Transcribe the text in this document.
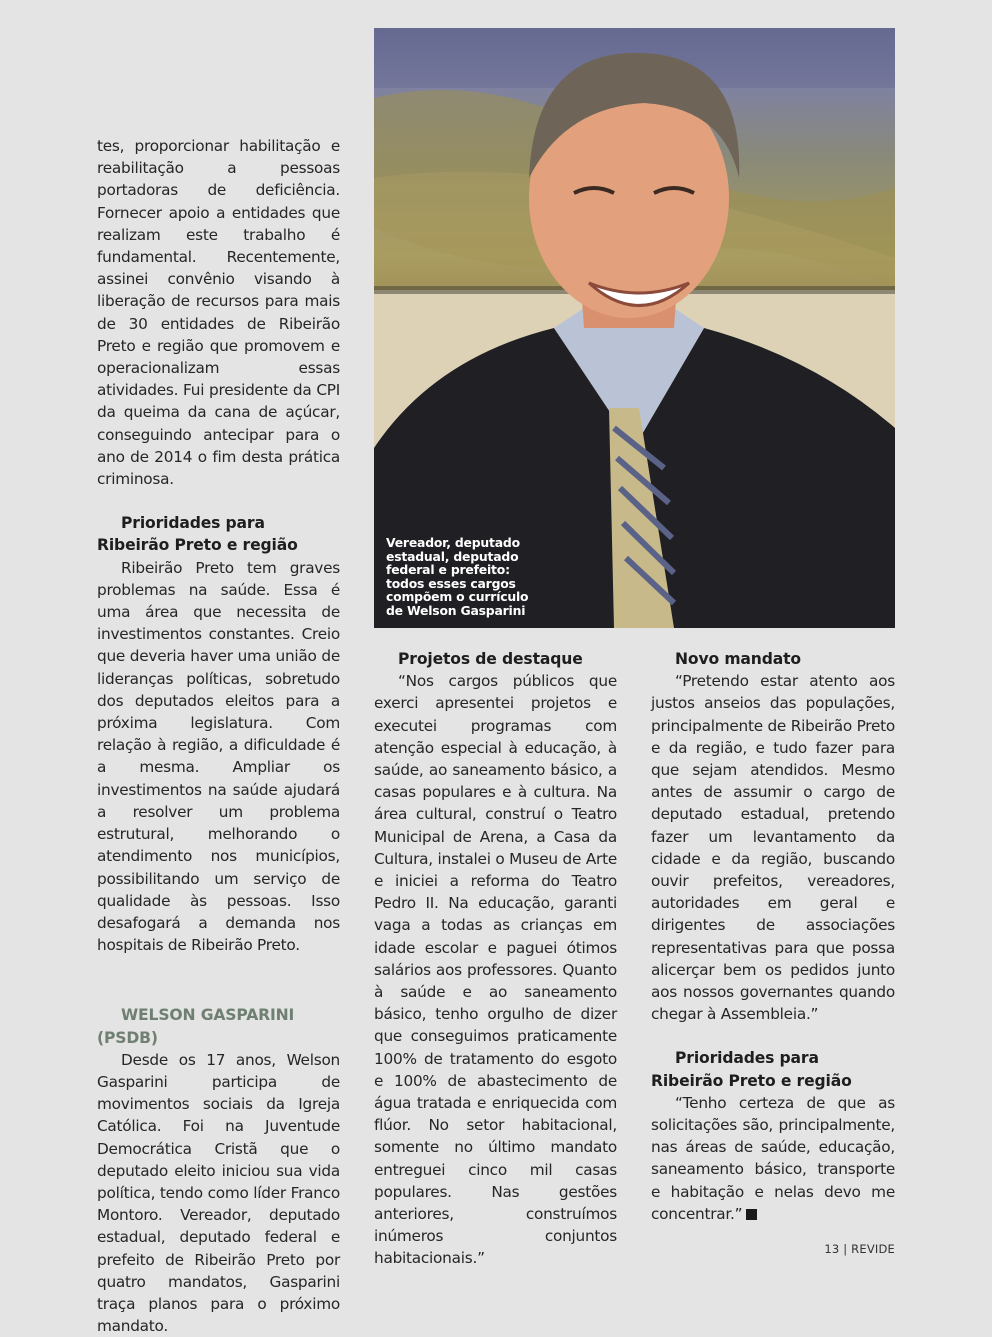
tes, proporcionar habilitação e reabilitação a pessoas portadoras de deficiência. Fornecer apoio a entidades que realizam este trabalho é fundamental. Recentemente, assinei convênio visando à liberação de recursos para mais de 30 entidades de Ribeirão Preto e região que promovem e operacionalizam essas atividades. Fui presidente da CPI da queima da cana de açúcar, conseguindo antecipar para o ano de 2014 o fim desta prática criminosa.

Prioridades para Ribeirão Preto e região

Ribeirão Preto tem graves problemas na saúde. Essa é uma área que necessita de investimentos constantes. Creio que deveria haver uma união de lideranças políticas, sobretudo dos deputados eleitos para a próxima legislatura. Com relação à região, a dificuldade é a mesma. Ampliar os investimentos na saúde ajudará a resolver um problema estrutural, melhorando o atendimento nos municípios, possibilitando um serviço de qualidade às pessoas. Isso desafogará a demanda nos hospitais de Ribeirão Preto.

WELSON GASPARINI (PSDB)

Desde os 17 anos, Welson Gasparini participa de movimentos sociais da Igreja Católica. Foi na Juventude Democrática Cristã que o deputado eleito iniciou sua vida política, tendo como líder Franco Montoro. Vereador, deputado estadual, deputado federal e prefeito de Ribeirão Preto por quatro mandatos, Gasparini traça planos para o próximo mandato.

Vereador, deputado estadual, deputado federal e prefeito: todos esses cargos compõem o currículo de Welson Gasparini
Projetos de destaque

“Nos cargos públicos que exerci apresentei projetos e executei programas com atenção especial à educação, à saúde, ao saneamento básico, a casas populares e à cultura. Na área cultural, construí o Teatro Municipal de Arena, a Casa da Cultura, instalei o Museu de Arte e iniciei a reforma do Teatro Pedro II. Na educação, garanti vaga a todas as crianças em idade escolar e paguei ótimos salários aos professores. Quanto à saúde e ao saneamento básico, tenho orgulho de dizer que conseguimos praticamente 100% de tratamento do esgoto e 100% de abastecimento de água tratada e enriquecida com flúor. No setor habitacional, somente no último mandato entreguei cinco mil casas populares. Nas gestões anteriores, construímos inúmeros conjuntos habitacionais.”

Novo mandato

“Pretendo estar atento aos justos anseios das populações, principalmente de Ribeirão Preto e da região, e tudo fazer para que sejam atendidos. Mesmo antes de assumir o cargo de deputado estadual, pretendo fazer um levantamento da cidade e da região, buscando ouvir prefeitos, vereadores, autoridades em geral e dirigentes de associações representativas para que possa alicerçar bem os pedidos junto aos nossos governantes quando chegar à Assembleia.”

Prioridades para Ribeirão Preto e região

“Tenho certeza de que as solicitações são, principalmente, nas áreas de saúde, educação, saneamento básico, transporte e habitação e nelas devo me concentrar.”

13 | REVIDE
